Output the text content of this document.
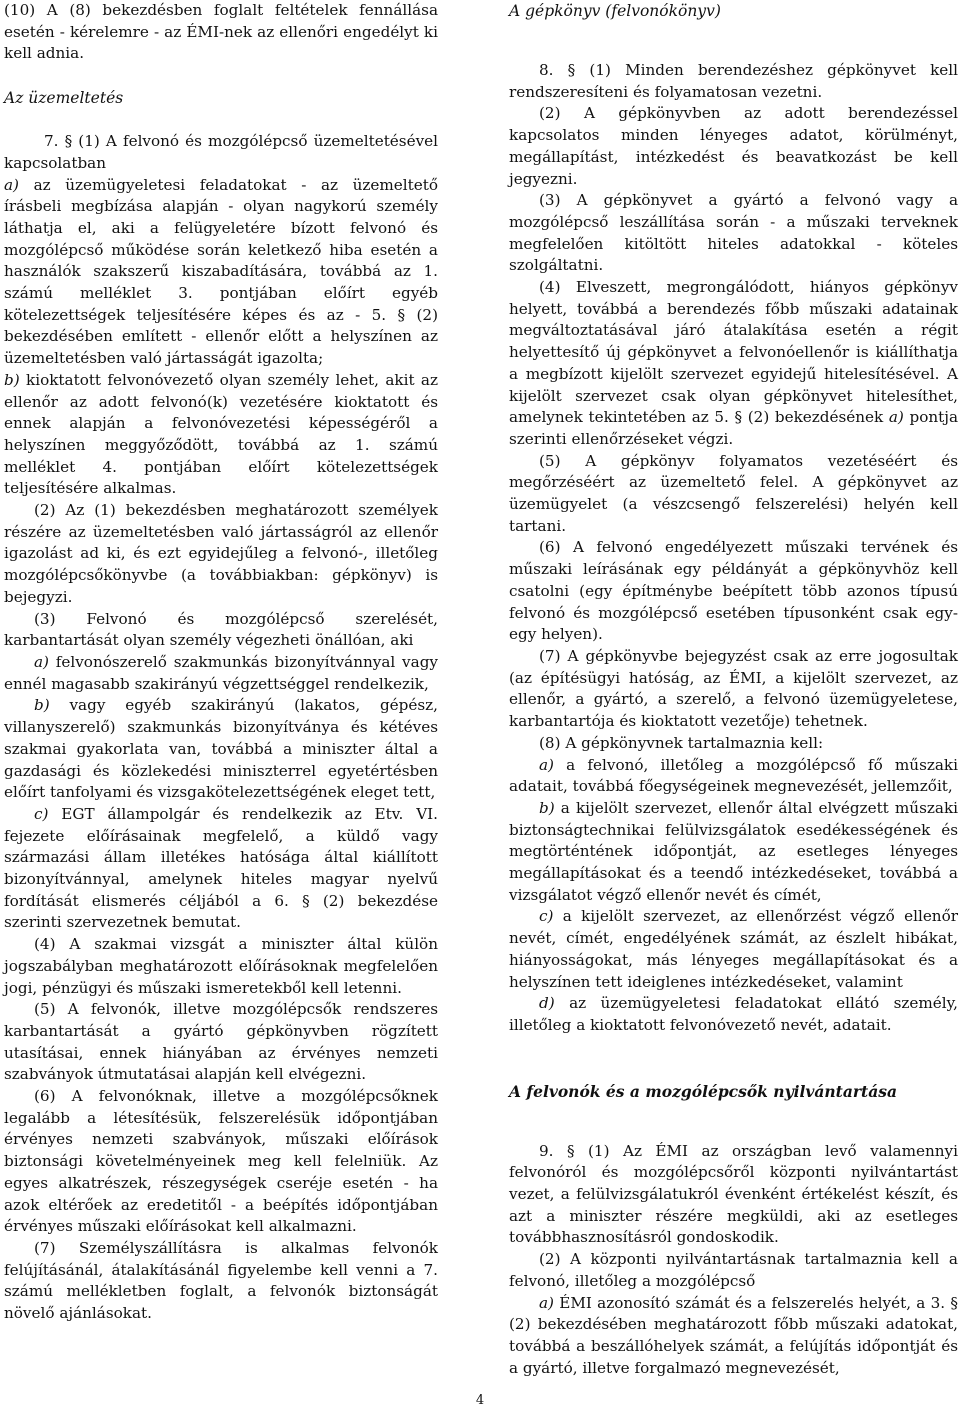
(10) A (8) bekezdésben foglalt feltételek fennállása esetén - kérelemre - az ÉMI-nek az ellenőri engedélyt ki kell adnia.

Az üzemeltetés

7. § (1) A felvonó és mozgólépcső üzemeltetésével kapcsolatban

a) az üzemügyeletesi feladatokat - az üzemeltető írásbeli megbízása alapján - olyan nagykorú személy láthatja el, aki a felügyeletére bízott felvonó és mozgólépcső működése során keletkező hiba esetén a használók szakszerű kiszabadítására, továbbá az 1. számú melléklet 3. pontjában előírt egyéb kötelezettségek teljesítésére képes és az - 5. § (2) bekezdésében említett - ellenőr előtt a helyszínen az üzemeltetésben való jártasságát igazolta;

b) kioktatott felvonóvezető olyan személy lehet, akit az ellenőr az adott felvonó(k) vezetésére kioktatott és ennek alapján a felvonóvezetési képességéről a helyszínen meggyőződött, továbbá az 1. számú melléklet 4. pontjában előírt kötelezettségek teljesítésére alkalmas.

(2) Az (1) bekezdésben meghatározott személyek részére az üzemeltetésben való jártasságról az ellenőr igazolást ad ki, és ezt egyidejűleg a felvonó-, illetőleg mozgólépcsőkönyvbe (a továbbiakban: gépkönyv) is bejegyzi.

(3) Felvonó és mozgólépcső szerelését, karbantartását olyan személy végezheti önállóan, aki

a) felvonószerelő szakmunkás bizonyítvánnyal vagy ennél magasabb szakirányú végzettséggel rendelkezik,

b) vagy egyéb szakirányú (lakatos, gépész, villanyszerelő) szakmunkás bizonyítványa és kétéves szakmai gyakorlata van, továbbá a miniszter által a gazdasági és közlekedési miniszterrel egyetértésben előírt tanfolyami és vizsgakötelezettségének eleget tett,

c) EGT állampolgár és rendelkezik az Etv. VI. fejezete előírásainak megfelelő, a küldő vagy származási állam illetékes hatósága által kiállított bizonyítvánnyal, amelynek hiteles magyar nyelvű fordítását elismerés céljából a 6. § (2) bekezdése szerinti szervezetnek bemutat.

(4) A szakmai vizsgát a miniszter által külön jogszabályban meghatározott előírásoknak megfelelően jogi, pénzügyi és műszaki ismeretekből kell letenni.

(5) A felvonók, illetve mozgólépcsők rendszeres karbantartását a gyártó gépkönyvben rögzített utasításai, ennek hiányában az érvényes nemzeti szabványok útmutatásai alapján kell elvégezni.

(6) A felvonóknak, illetve a mozgólépcsőknek legalább a létesítésük, felszerelésük időpontjában érvényes nemzeti szabványok, műszaki előírások biztonsági követelményeinek meg kell felelniük. Az egyes alkatrészek, részegységek cseréje esetén - ha azok eltérőek az eredetitől - a beépítés időpontjában érvényes műszaki előírásokat kell alkalmazni.

(7) Személyszállításra is alkalmas felvonók felújításánál, átalakításánál figyelembe kell venni a 7. számú mellékletben foglalt, a felvonók biztonságát növelő ajánlásokat.

A gépkönyv (felvonókönyv)

8. § (1) Minden berendezéshez gépkönyvet kell rendszeresíteni és folyamatosan vezetni.

(2) A gépkönyvben az adott berendezéssel kapcsolatos minden lényeges adatot, körülményt, megállapítást, intézkedést és beavatkozást be kell jegyezni.

(3) A gépkönyvet a gyártó a felvonó vagy a mozgólépcső leszállítása során - a műszaki terveknek megfelelően kitöltött hiteles adatokkal - köteles szolgáltatni.

(4) Elveszett, megrongálódott, hiányos gépkönyv helyett, továbbá a berendezés főbb műszaki adatainak megváltoztatásával járó átalakítása esetén a régit helyettesítő új gépkönyvet a felvonóellenőr is kiállíthatja a megbízott kijelölt szervezet egyidejű hitelesítésével. A kijelölt szervezet csak olyan gépkönyvet hitelesíthet, amelynek tekintetében az 5. § (2) bekezdésének a) pontja szerinti ellenőrzéseket végzi.

(5) A gépkönyv folyamatos vezetéséért és megőrzéséért az üzemeltető felel. A gépkönyvet az üzemügyelet (a vészcsengő felszerelési) helyén kell tartani.

(6) A felvonó engedélyezett műszaki tervének és műszaki leírásának egy példányát a gépkönyvhöz kell csatolni (egy építménybe beépített több azonos típusú felvonó és mozgólépcső esetében típusonként csak egy-egy helyen).

(7) A gépkönyvbe bejegyzést csak az erre jogosultak (az építésügyi hatóság, az ÉMI, a kijelölt szervezet, az ellenőr, a gyártó, a szerelő, a felvonó üzemügyeletese, karbantartója és kioktatott vezetője) tehetnek.

(8) A gépkönyvnek tartalmaznia kell:

a) a felvonó, illetőleg a mozgólépcső fő műszaki adatait, továbbá főegységeinek megnevezését, jellemzőit,

b) a kijelölt szervezet, ellenőr által elvégzett műszaki biztonságtechnikai felülvizsgálatok esedékességének és megtörténtének időpontját, az esetleges lényeges megállapításokat és a teendő intézkedéseket, továbbá a vizsgálatot végző ellenőr nevét és címét,

c) a kijelölt szervezet, az ellenőrzést végző ellenőr nevét, címét, engedélyének számát, az észlelt hibákat, hiányosságokat, más lényeges megállapításokat és a helyszínen tett ideiglenes intézkedéseket, valamint

d) az üzemügyeletesi feladatokat ellátó személy, illetőleg a kioktatott felvonóvezető nevét, adatait.

A felvonók és a mozgólépcsők nyilvántartása

9. § (1) Az ÉMI az országban levő valamennyi felvonóról és mozgólépcsőről központi nyilvántartást vezet, a felülvizsgálatukról évenként értékelést készít, és azt a miniszter részére megküldi, aki az esetleges továbbhasznosításról gondoskodik.

(2) A központi nyilvántartásnak tartalmaznia kell a felvonó, illetőleg a mozgólépcső

a) ÉMI azonosító számát és a felszerelés helyét, a 3. § (2) bekezdésében meghatározott főbb műszaki adatokat, továbbá a beszállóhelyek számát, a felújítás időpontját és a gyártó, illetve forgalmazó megnevezését,

4
